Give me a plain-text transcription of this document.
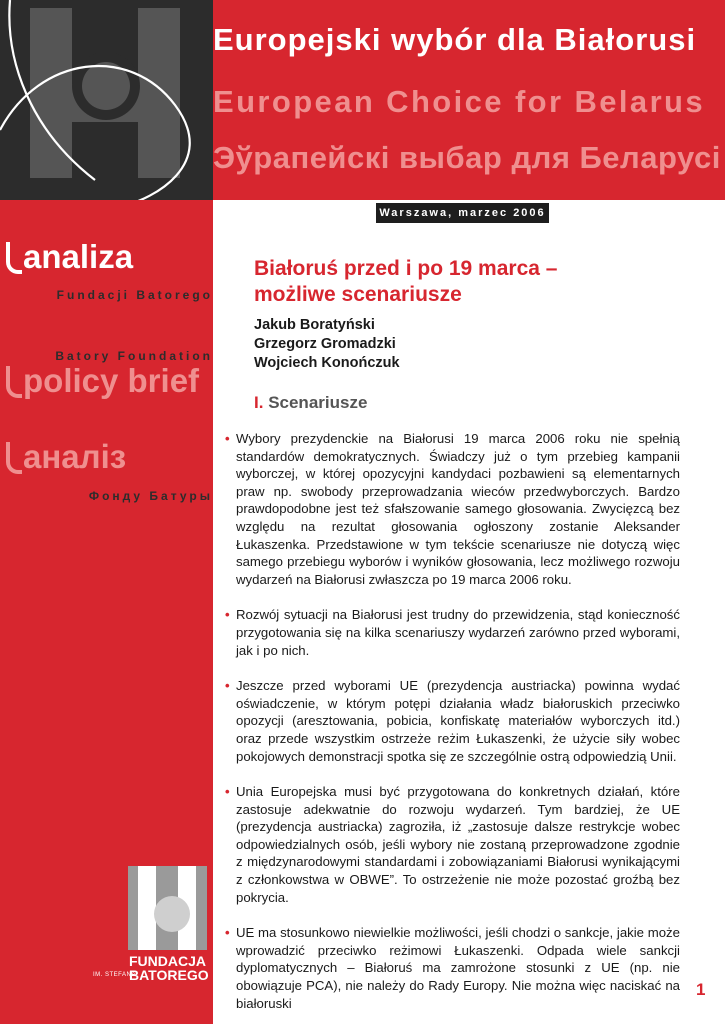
Europejski wybór dla Białorusi
European Choice for Belarus
Эўрапейскі выбар для Беларусі
Warszawa, marzec 2006
analiza
Fundacji Batorego
Batory Foundation
policy brief
аналіз
Фонду Батуры
FUNDACJA
BATOREGO
IM. STEFANA
Białoruś przed i po 19 marca –
możliwe scenariusze
Jakub Boratyński
Grzegorz Gromadzki
Wojciech Konończuk
I. Scenariusze

• Wybory prezydenckie na Białorusi 19 marca 2006 roku nie spełnią standardów demokratycznych. Świadczy już o tym przebieg kampanii wyborczej, w której opozycyjni kandydaci pozbawieni są elementarnych praw np. swobody przeprowadzania wieców przedwyborczych. Bardzo prawdopodobne jest też sfałszowanie samego głosowania. Zwycięzcą bez względu na rezultat głosowania ogłoszony zostanie Aleksander Łukaszenka. Przedstawione w tym tekście scenariusze nie dotyczą więc samego przebiegu wyborów i wyników głosowania, lecz możliwego rozwoju wydarzeń na Białorusi zwłaszcza po 19 marca 2006 roku.

• Rozwój sytuacji na Białorusi jest trudny do przewidzenia, stąd konieczność przygotowania się na kilka scenariuszy wydarzeń zarówno przed wyborami, jak i po nich.

• Jeszcze przed wyborami UE (prezydencja austriacka) powinna wydać oświadczenie, w którym potępi działania władz białoruskich przeciwko opozycji (aresztowania, pobicia, konfiskatę materiałów wyborczych itd.) oraz przede wszystkim ostrzeże reżim Łukaszenki, że użycie siły wobec pokojowych demonstracji spotka się ze szczególnie ostrą odpowiedzią Unii.

• Unia Europejska musi być przygotowana do konkretnych działań, które zastosuje adekwatnie do rozwoju wydarzeń. Tym bardziej, że UE (prezydencja austriacka) zagroziła, iż „zastosuje dalsze restrykcje wobec odpowiedzialnych osób, jeśli wybory nie zostaną przeprowadzone zgodnie z międzynarodowymi standardami i zobowiązaniami Białorusi wynikającymi z członkowstwa w OBWE”. To ostrzeżenie nie może pozostać groźbą bez pokrycia.

• UE ma stosunkowo niewielkie możliwości, jeśli chodzi o sankcje, jakie może wprowadzić przeciwko reżimowi Łukaszenki. Odpada wiele sankcji dyplomatycznych – Białoruś ma zamrożone stosunki z UE (np. nie obowiązuje PCA), nie należy do Rady Europy. Nie można więc naciskać na białoruski

1
